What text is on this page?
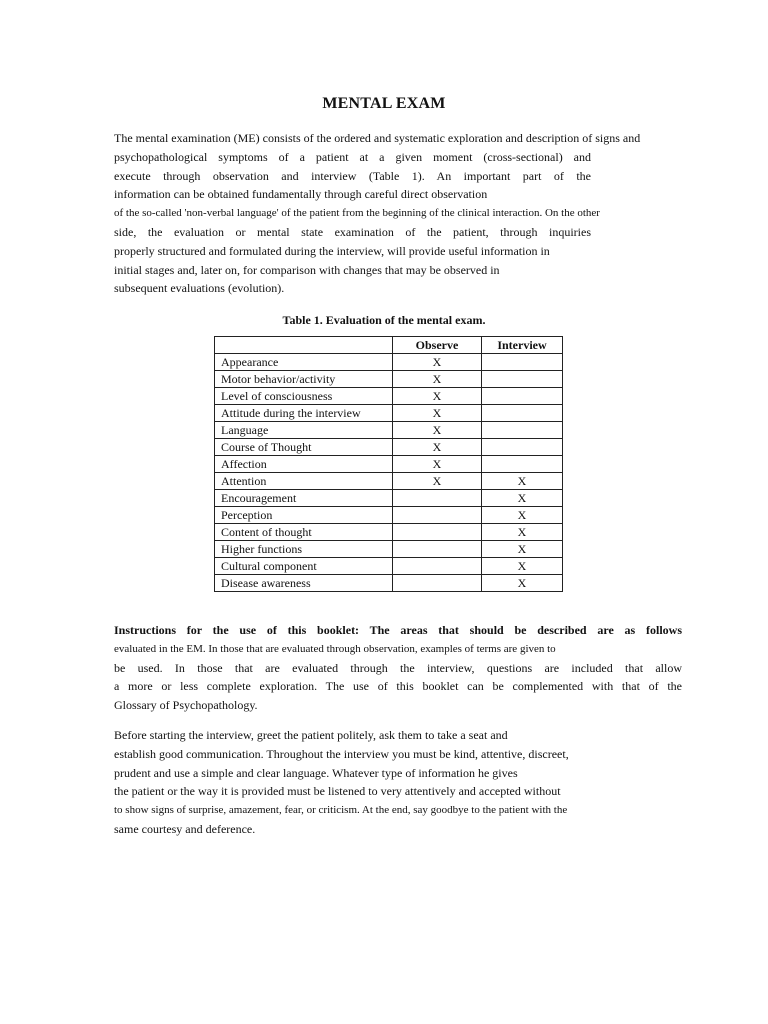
MENTAL EXAM
The mental examination (ME) consists of the ordered and systematic exploration and description of signs and
psychopathological symptoms of a patient at a given moment (cross-sectional) and
execute through observation and interview (Table 1). An important part of the
information can be obtained fundamentally through careful direct observation
of the so-called 'non-verbal language' of the patient from the beginning of the clinical interaction. On the other
side, the evaluation or mental state examination of the patient, through inquiries
properly structured and formulated during the interview, will provide useful information in
initial stages and, later on, for comparison with changes that may be observed in
subsequent evaluations (evolution).
Table 1. Evaluation of the mental exam.
	Observe	Interview
Appearance	X	
Motor behavior/activity	X	
Level of consciousness	X	
Attitude during the interview	X	
Language	X	
Course of Thought	X	
Affection	X	
Attention	X	X
Encouragement		X
Perception		X
Content of thought		X
Higher functions		X
Cultural component		X
Disease awareness		X
Instructions for the use of this booklet: The areas that should be described are as follows
evaluated in the EM. In those that are evaluated through observation, examples of terms are given to
be used. In those that are evaluated through the interview, questions are included that allow
a more or less complete exploration. The use of this booklet can be complemented with that of the
Glossary of Psychopathology.
Before starting the interview, greet the patient politely, ask them to take a seat and
establish good communication. Throughout the interview you must be kind, attentive, discreet,
prudent and use a simple and clear language. Whatever type of information he gives
the patient or the way it is provided must be listened to very attentively and accepted without
to show signs of surprise, amazement, fear, or criticism. At the end, say goodbye to the patient with the
same courtesy and deference.
